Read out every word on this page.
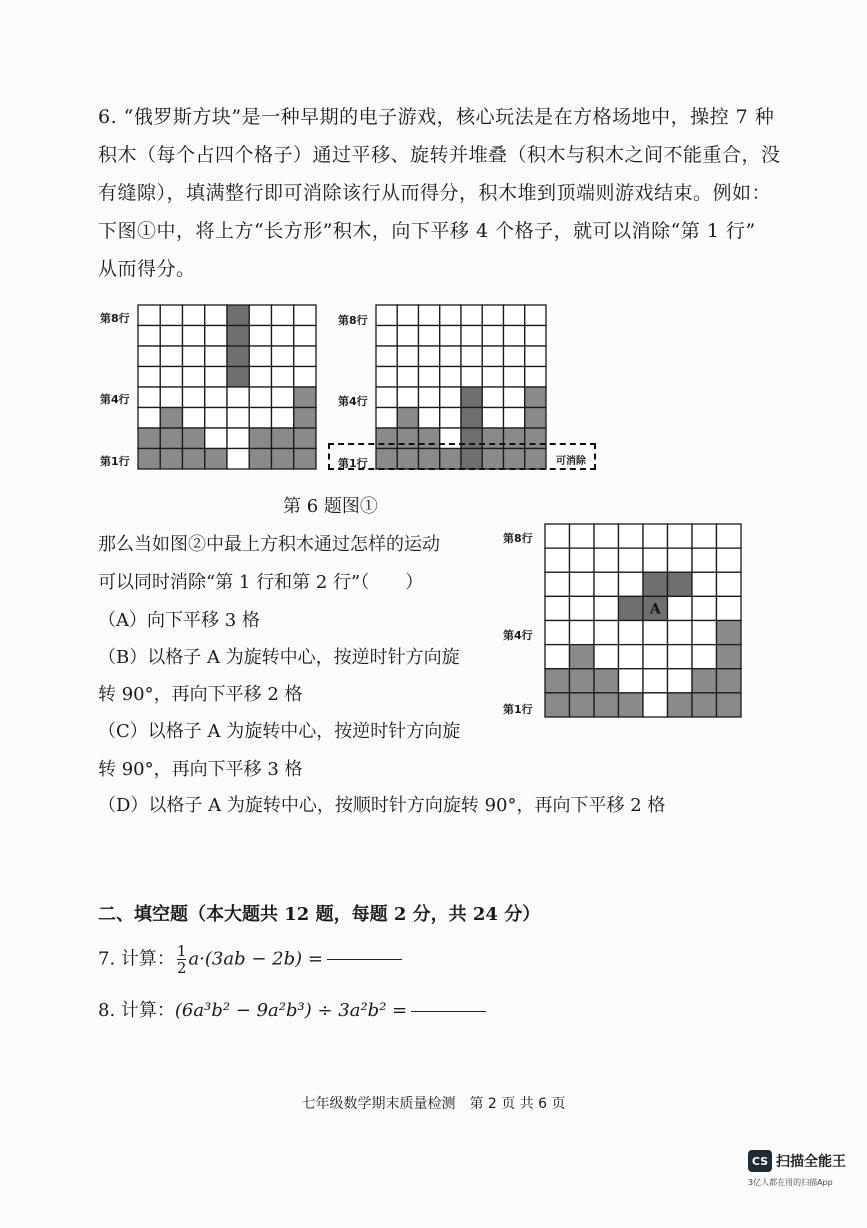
6. “俄罗斯方块”是一种早期的电子游戏，核心玩法是在方格场地中，操控 7 种
积木（每个占四个格子）通过平移、旋转并堆叠（积木与积木之间不能重合，没
有缝隙），填满整行即可消除该行从而得分，积木堆到顶端则游戏结束。例如：
下图①中，将上方“长方形”积木，向下平移 4 个格子，就可以消除“第 1 行”
从而得分。
第8行
第4行
第1行
第8行
第4行
第1行	可消除
第 6 题图①
那么当如图②中最上方积木通过怎样的运动
可以同时消除“第 1 行和第 2 行”（　　）
（A）向下平移 3 格
（B）以格子 A 为旋转中心，按逆时针方向旋
转 90°，再向下平移 2 格
（C）以格子 A 为旋转中心，按逆时针方向旋
转 90°，再向下平移 3 格
（D）以格子 A 为旋转中心，按顺时针方向旋转 90°，再向下平移 2 格
A
第8行
第4行
第1行
二、填空题（本大题共 12 题，每题 2 分，共 24 分）
7. 计算： $\frac{1}{2} a\cdot(3ab - 2b)$ =
8. 计算：(6a³b² − 9a²b³) ÷ 3a²b² =
七年级数学期末质量检测　第 2 页 共 6 页
CS 扫描全能王
3亿人都在用的扫描App
